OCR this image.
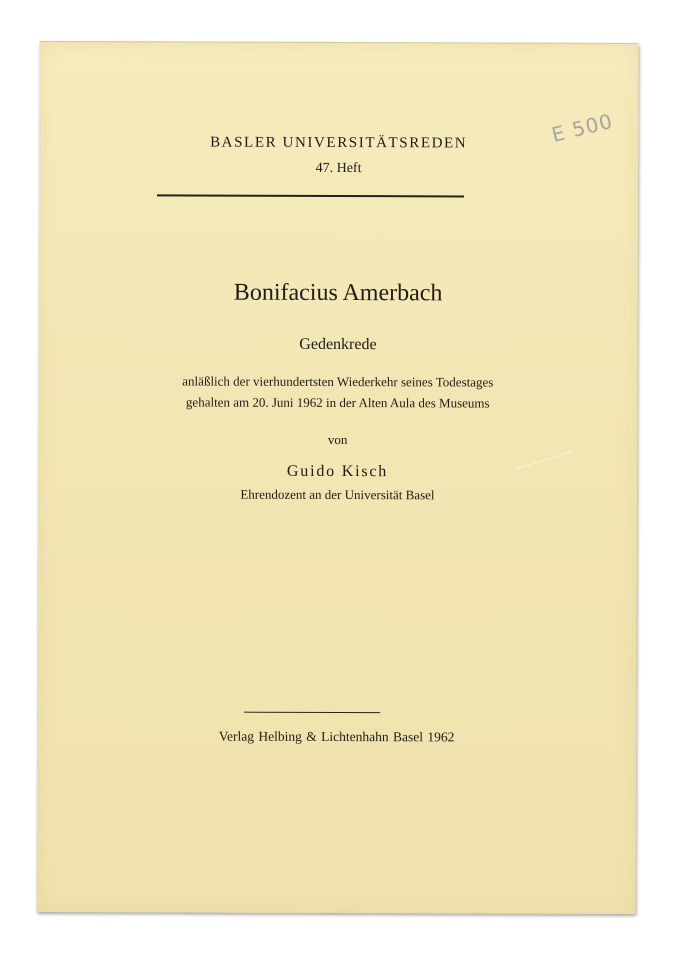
E 500
BASLER UNIVERSITÄTSREDEN
47. Heft
Bonifacius Amerbach
Gedenkrede
anläßlich der vierhundertsten Wiederkehr seines Todestages
gehalten am 20. Juni 1962 in der Alten Aula des Museums
von
Guido Kisch
Ehrendozent an der Universität Basel
Verlag Helbing & Lichtenhahn Basel 1962
